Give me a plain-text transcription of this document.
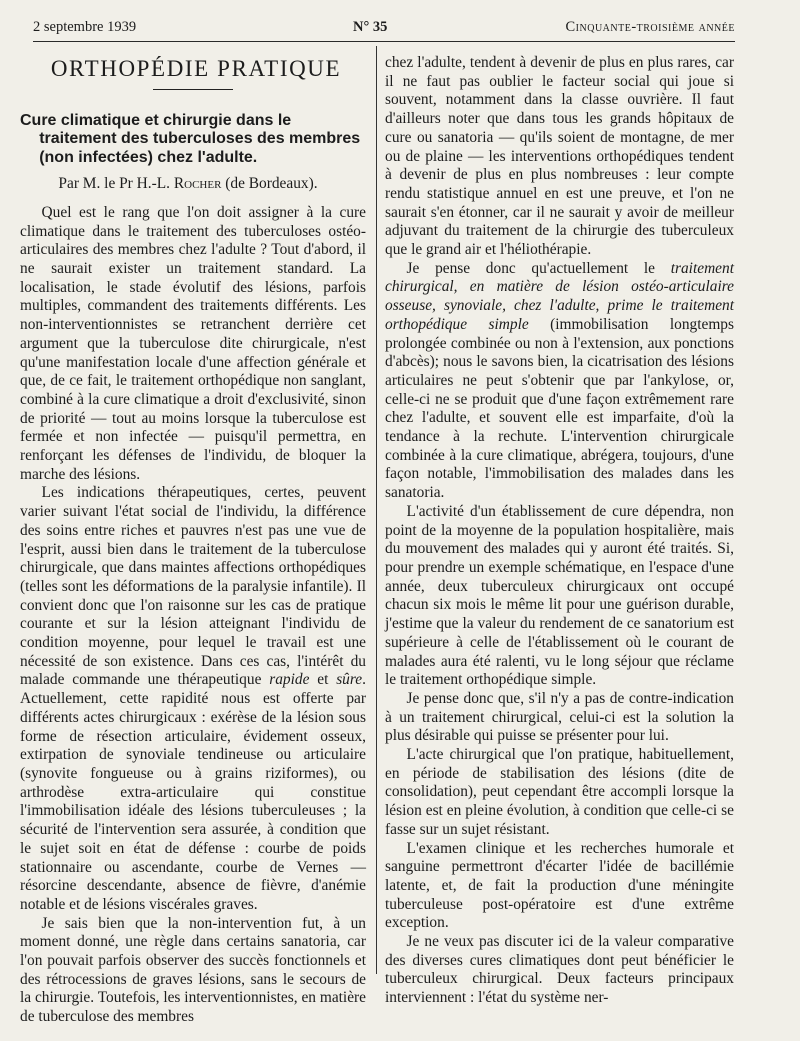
2 septembre 1939	N° 35	Cinquante-troisième année
ORTHOPÉDIE PRATIQUE
Cure climatique et chirurgie dans le traitement des tuberculoses des membres (non infectées) chez l'adulte.
Par M. le Pr H.-L. Rocher (de Bordeaux).

Quel est le rang que l'on doit assigner à la cure climatique dans le traitement des tuberculoses ostéo-articulaires des membres chez l'adulte ? Tout d'abord, il ne saurait exister un traitement standard. La localisation, le stade évolutif des lésions, parfois multiples, commandent des traitements différents. Les non-interventionnistes se retranchent derrière cet argument que la tuberculose dite chirurgicale, n'est qu'une manifestation locale d'une affection générale et que, de ce fait, le traitement orthopédique non sanglant, combiné à la cure climatique a droit d'exclusivité, sinon de priorité — tout au moins lorsque la tuberculose est fermée et non infectée — puisqu'il permettra, en renforçant les défenses de l'individu, de bloquer la marche des lésions.

Les indications thérapeutiques, certes, peuvent varier suivant l'état social de l'individu, la différence des soins entre riches et pauvres n'est pas une vue de l'esprit, aussi bien dans le traitement de la tuberculose chirurgicale, que dans maintes affections orthopédiques (telles sont les déformations de la paralysie infantile). Il convient donc que l'on raisonne sur les cas de pratique courante et sur la lésion atteignant l'individu de condition moyenne, pour lequel le travail est une nécessité de son existence. Dans ces cas, l'intérêt du malade commande une thérapeutique rapide et sûre. Actuellement, cette rapidité nous est offerte par différents actes chirurgicaux : exérèse de la lésion sous forme de résection articulaire, évidement osseux, extirpation de synoviale tendineuse ou articulaire (synovite fongueuse ou à grains riziformes), ou arthrodèse extra-articulaire qui constitue l'immobilisation idéale des lésions tuberculeuses ; la sécurité de l'intervention sera assurée, à condition que le sujet soit en état de défense : courbe de poids stationnaire ou ascendante, courbe de Vernes — résorcine descendante, absence de fièvre, d'anémie notable et de lésions viscérales graves.

Je sais bien que la non-intervention fut, à un moment donné, une règle dans certains sanatoria, car l'on pouvait parfois observer des succès fonctionnels et des rétrocessions de graves lésions, sans le secours de la chirurgie. Toutefois, les interventionnistes, en matière de tuberculose des membres

chez l'adulte, tendent à devenir de plus en plus rares, car il ne faut pas oublier le facteur social qui joue si souvent, notamment dans la classe ouvrière. Il faut d'ailleurs noter que dans tous les grands hôpitaux de cure ou sanatoria — qu'ils soient de montagne, de mer ou de plaine — les interventions orthopédiques tendent à devenir de plus en plus nombreuses : leur compte rendu statistique annuel en est une preuve, et l'on ne saurait s'en étonner, car il ne saurait y avoir de meilleur adjuvant du traitement de la chirurgie des tuberculeux que le grand air et l'héliothérapie.

Je pense donc qu'actuellement le traitement chirurgical, en matière de lésion ostéo-articulaire osseuse, synoviale, chez l'adulte, prime le traitement orthopédique simple (immobilisation longtemps prolongée combinée ou non à l'extension, aux ponctions d'abcès); nous le savons bien, la cicatrisation des lésions articulaires ne peut s'obtenir que par l'ankylose, or, celle-ci ne se produit que d'une façon extrêmement rare chez l'adulte, et souvent elle est imparfaite, d'où la tendance à la rechute. L'intervention chirurgicale combinée à la cure climatique, abrégera, toujours, d'une façon notable, l'immobilisation des malades dans les sanatoria.

L'activité d'un établissement de cure dépendra, non point de la moyenne de la population hospitalière, mais du mouvement des malades qui y auront été traités. Si, pour prendre un exemple schématique, en l'espace d'une année, deux tuberculeux chirurgicaux ont occupé chacun six mois le même lit pour une guérison durable, j'estime que la valeur du rendement de ce sanatorium est supérieure à celle de l'établissement où le courant de malades aura été ralenti, vu le long séjour que réclame le traitement orthopédique simple.

Je pense donc que, s'il n'y a pas de contre-indication à un traitement chirurgical, celui-ci est la solution la plus désirable qui puisse se présenter pour lui.

L'acte chirurgical que l'on pratique, habituellement, en période de stabilisation des lésions (dite de consolidation), peut cependant être accompli lorsque la lésion est en pleine évolution, à condition que celle-ci se fasse sur un sujet résistant.

L'examen clinique et les recherches humorale et sanguine permettront d'écarter l'idée de bacillémie latente, et, de fait la production d'une méningite tuberculeuse post-opératoire est d'une extrême exception.

Je ne veux pas discuter ici de la valeur comparative des diverses cures climatiques dont peut bénéficier le tuberculeux chirurgical. Deux facteurs principaux interviennent : l'état du système ner-
